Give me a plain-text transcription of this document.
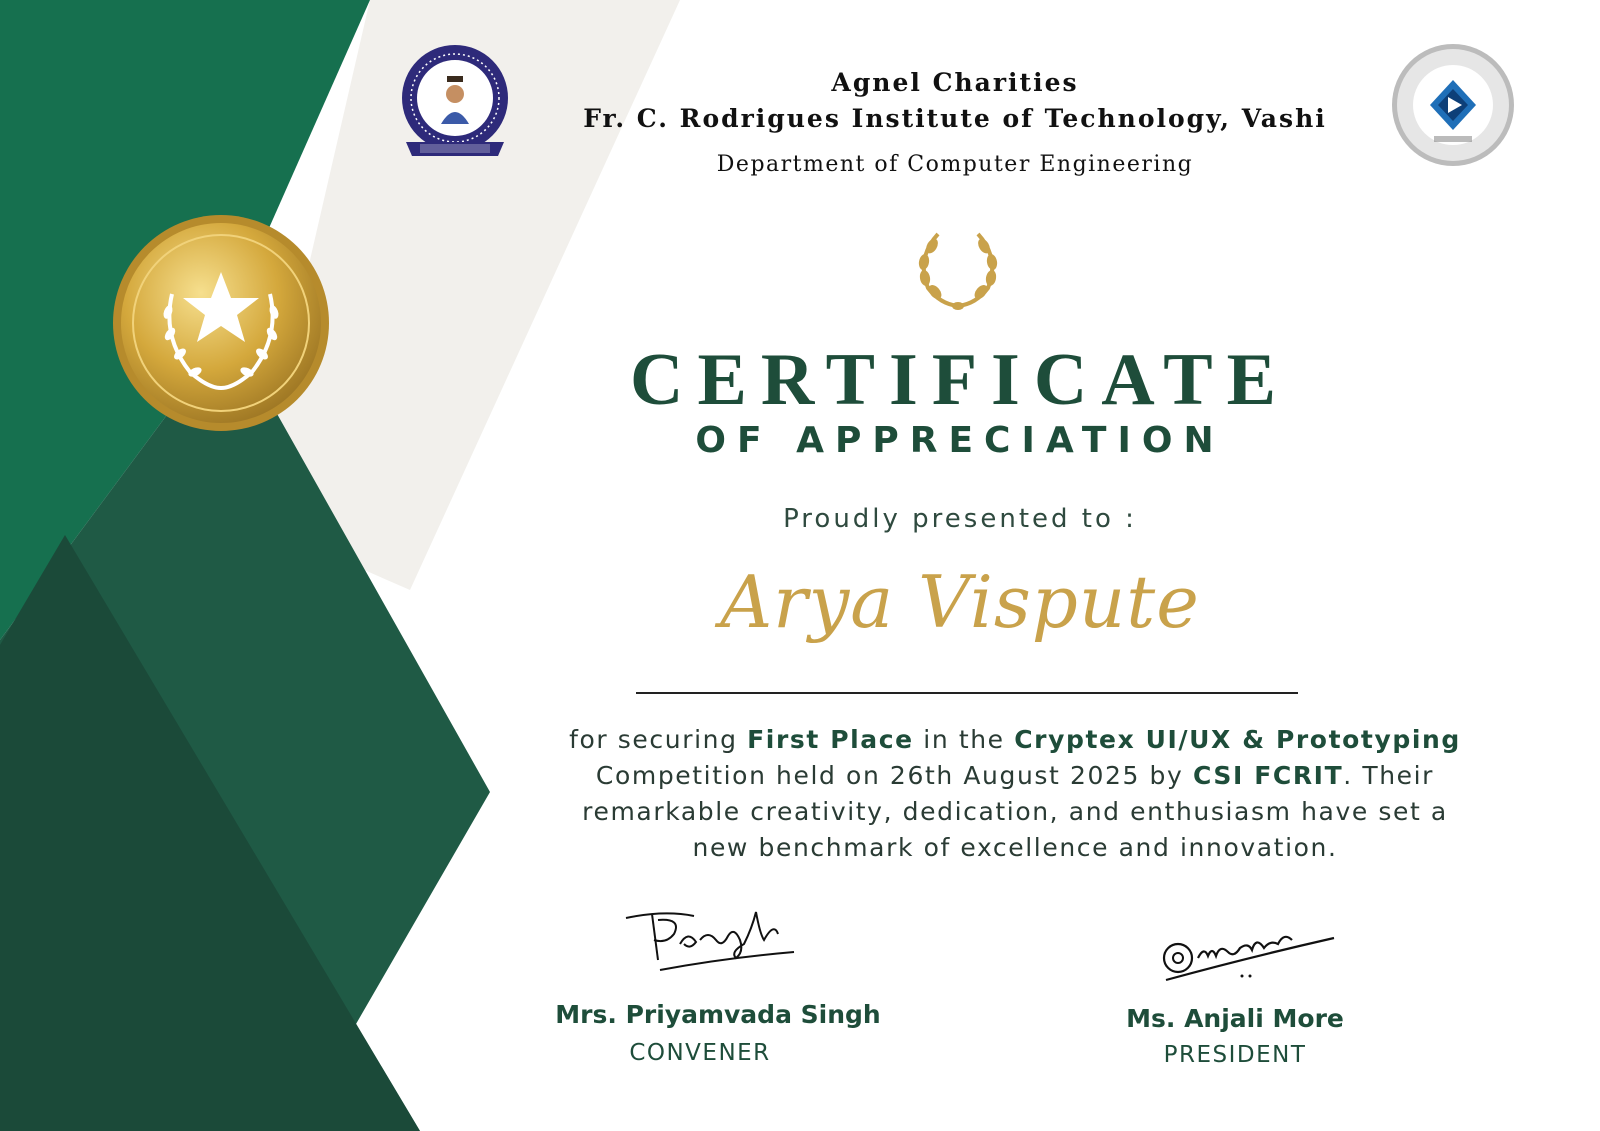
Agnel Charities
Fr. C. Rodrigues Institute of Technology, Vashi
Department of Computer Engineering
CERTIFICATE
OF APPRECIATION
Proudly presented to :
Arya Vispute
for securing First Place in the Cryptex UI/UX & Prototyping Competition held on 26th August 2025 by CSI FCRIT. Their remarkable creativity, dedication, and enthusiasm have set a new benchmark of excellence and innovation.
Mrs. Priyamvada Singh
CONVENER
Ms. Anjali More
PRESIDENT
